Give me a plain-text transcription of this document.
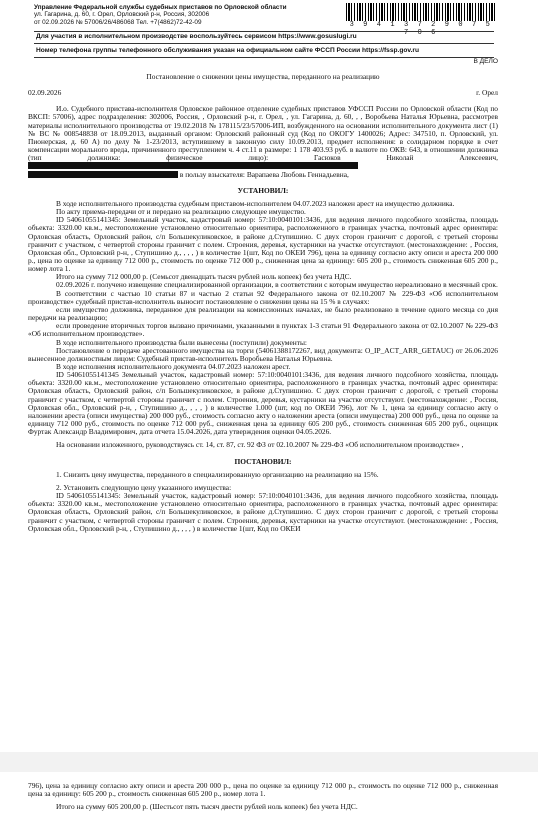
Управление Федеральной службы судебных приставов по Орловской области
ул. Гагарина, д. 60, г. Орел, Орловский р-н, Россия, 302006
от 02.09.2026 № 57006/26/486068 Тел. +7(4862)72-42-09	3 9 4 1 3 7 2 9 0 7 5 7 0 6
Для участия в исполнительном производстве воспользуйтесь сервисом https://www.gosuslugi.ru
Номер телефона группы телефонного обслуживания указан на официальном сайте ФССП России https://fssp.gov.ru
В ДЕЛО

Постановление о снижении цены имущества, переданного на реализацию

02.09.2026	г. Орел

И.о. Судебного пристава-исполнителя Орловское районное отделение судебных приставов УФССП России по Орловской области (Код по ВКСП: 57006), адрес подразделения: 302006, Россия, , Орловский р-н, г. Орел, , ул. Гагарина, д. 60, , , Воробьева Наталья Юрьевна, рассмотрев материалы исполнительного производства от 19.02.2018 № 178115/23/57006-ИП, возбужденного на основании исполнительного документа лист (1) № ВС № 008548838 от 18.09.2013, выданный органом: Орловский районный суд (Код по ОКОГУ 1400026; Адрес: 347510, п. Орловский, ул. Пионерская, д. 60 А) по делу № 1-23/2013, вступившему в законную силу 10.09.2013, предмет исполнения: в солидарном порядке в счет компенсации морального вреда, причиненного преступлением ч. 4 ст.11 в размере: 1 178 403.93 руб. в валюте по ОКВ: 643, в отношении должника (тип должника: физическое лицо): Гасюков Николай Алексеевич,

в пользу взыскателя: Варапаева Любовь Геннадьевна,

УСТАНОВИЛ:

В ходе исполнительного производства судебным приставом-исполнителем 04.07.2023 наложен арест на имущество должника.

По акту приема-передачи от и передано на реализацию следующее имущество.

ID 54061055141345: Земельный участок, кадастровый номер: 57:10:0040101:3436, для ведения личного подсобного хозяйства, площадь объекта: 3320.00 кв.м., местоположение установлено относительно ориентира, расположенного в границах участка, почтовый адрес ориентира: Орловская область, Орловский район, с/п Большекуликовское, в районе д.Ступишино. С двух сторон граничит с дорогой, с третьей стороны граничит с участком, с четвертой стороны граничит с полем. Строения, деревья, кустарники на участке отсутствуют. (местонахождение: , Россия, Орловская обл., Орловский р-н, , Ступишино д., , , , ) в количестве 1(шт, Код по ОКЕИ 796), цена за единицу согласно акту описи и ареста 200 000 р., цена по оценке за единицу 712 000 р., стоимость по оценке 712 000 р., сниженная цена за единицу: 605 200 р., стоимость сниженная 605 200 р., номер лота 1.

Итого на сумму 712 000,00 р. (Семьсот двенадцать тысяч рублей ноль копеек) без учета НДС.

02.09.2026 г. получено извещение специализированной организации, в соответствии с которым имущество нереализовано в месячный срок.

В соответствии с частью 10 статьи 87 и частью 2 статьи 92 Федерального закона от 02.10.2007 № 229-ФЗ «Об исполнительном производстве» судебный пристав-исполнитель выносит постановление о снижении цены на 15 % в случаях:

если имущество должника, переданное для реализации на комиссионных началах, не было реализовано в течение одного месяца со дня передачи на реализацию;

если проведение вторичных торгов вызвано причинами, указанными в пунктах 1-3 статьи 91 Федерального закона от 02.10.2007 № 229-ФЗ «Об исполнительном производстве».

В ходе исполнительного производства были вынесены (поступили) документы:

Постановление о передаче арестованного имущества на торги (54061388172267, вид документа: O_IP_ACT_ARR_GETAUC) от 26.06.2026 вынесенное должностным лицом: Судебный пристав-исполнитель Воробьева Наталья Юрьевна.

В ходе исполнения исполнительного документа 04.07.2023 наложен арест.

ID 54061055141345 Земельный участок, кадастровый номер: 57:10:0040101:3436, для ведения личного подсобного хозяйства, площадь объекта: 3320.00 кв.м., местоположение установлено относительно ориентира, расположенного в границах участка, почтовый адрес ориентира: Орловская область, Орловский район, с/п Большекуликовское, в районе д.Ступишино. С двух сторон граничит с дорогой, с третьей стороны граничит с участком, с четвертой стороны граничит с полем. Строения, деревья, кустарники на участке отсутствуют. (местонахождение: , Россия, Орловская обл., Орловский р-н, , Ступишино д., , , , ) в количестве 1.000 (шт, код по ОКЕИ 796), лот № 1, цена за единицу согласно акту о наложении ареста (описи имущества) 200 000 руб., стоимость согласно акту о наложении ареста (описи имущества) 200 000 руб., цена по оценке за единицу 712 000 руб., стоимость по оценке 712 000 руб., сниженная цена за единицу 605 200 руб., стоимость сниженная 605 200 руб., оценщик Фуртак Александр Владимирович, дата отчета 15.04.2026, дата утверждения оценки 04.05.2026.

На основании изложенного, руководствуясь ст. 14, ст. 87, ст. 92 ФЗ от 02.10.2007 № 229-ФЗ «Об исполнительном производстве» ,

ПОСТАНОВИЛ:

1. Снизить цену имущества, переданного в специализированную организацию на реализацию на 15%.

2. Установить следующую цену указанного имущества:

ID 54061055141345: Земельный участок, кадастровый номер: 57:10:0040101:3436, для ведения личного подсобного хозяйства, площадь объекта: 3320.00 кв.м., местоположение установлено относительно ориентира, расположенного в границах участка, почтовый адрес ориентира: Орловская область, Орловский район, с/п Большекуликовское, в районе д.Ступишино. С двух сторон граничит с дорогой, с третьей стороны граничит с участком, с четвертой стороны граничит с полем. Строения, деревья, кустарники на участке отсутствуют. (местонахождение: , Россия, Орловская обл., Орловский р-н, , Ступишино д., , , , ) в количестве 1(шт, Код по ОКЕИ

796), цена за единицу согласно акту описи и ареста 200 000 р., цена по оценке за единицу 712 000 р., стоимость по оценке 712 000 р., сниженная цена за единицу: 605 200 р., стоимость сниженная 605 200 р., номер лота 1.

Итого на сумму 605 200,00 р. (Шестьсот пять тысяч двести рублей ноль копеек) без учета НДС.
